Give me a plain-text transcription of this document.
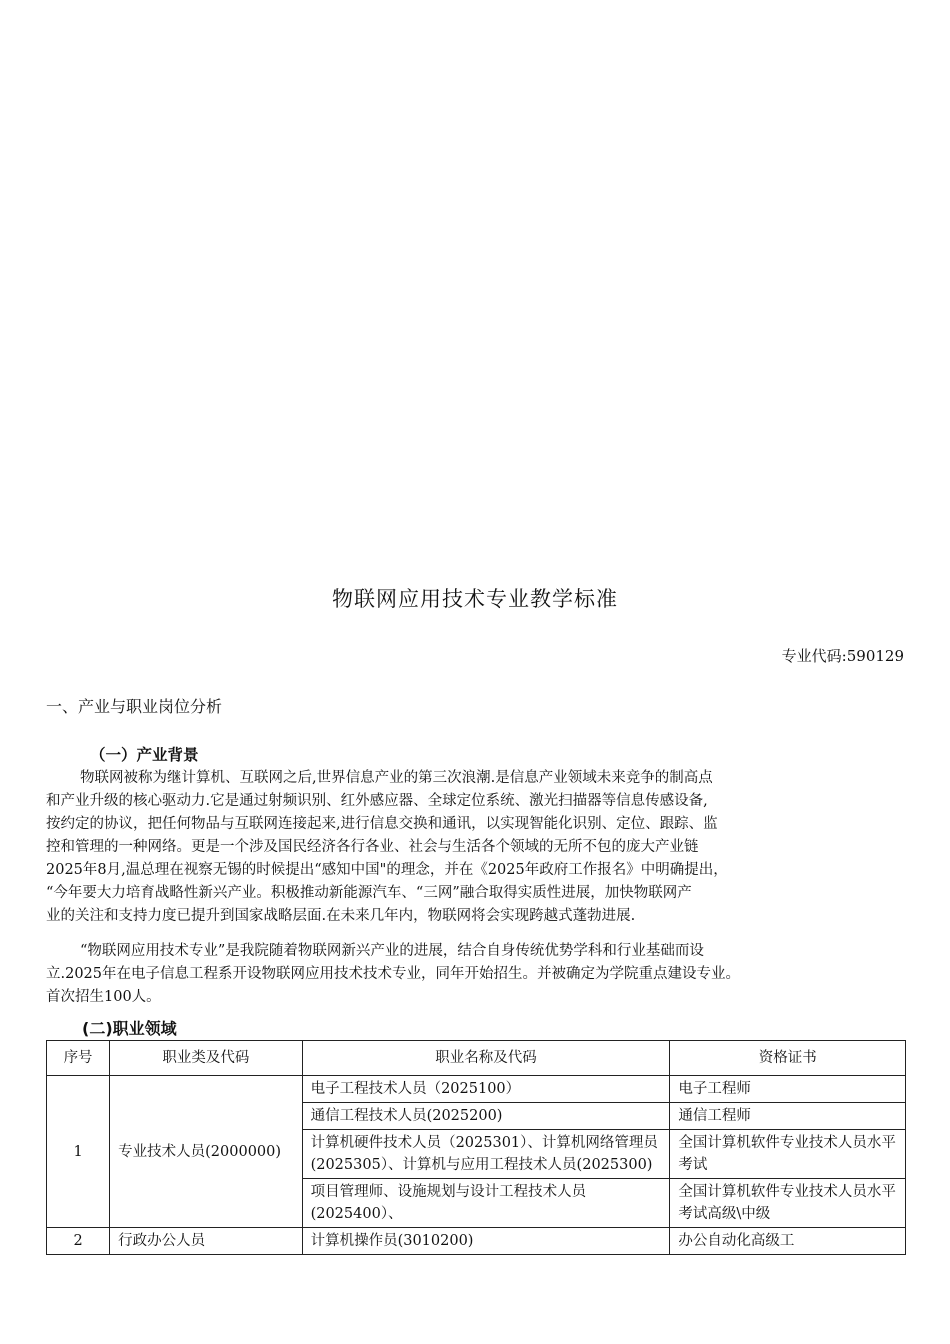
物联网应用技术专业教学标准
专业代码:590129
一、产业与职业岗位分析
（一）产业背景
物联网被称为继计算机、互联网之后,世界信息产业的第三次浪潮.是信息产业领域未来竞争的制高点
和产业升级的核心驱动力.它是通过射频识别、红外感应器、全球定位系统、激光扫描器等信息传感设备,
按约定的协议，把任何物品与互联网连接起来,进行信息交换和通讯，以实现智能化识别、定位、跟踪、监
控和管理的一种网络。更是一个涉及国民经济各行各业、社会与生活各个领域的无所不包的庞大产业链
2025年8月,温总理在视察无锡的时候提出“感知中国"的理念，并在《2025年政府工作报名》中明确提出，
“今年要大力培育战略性新兴产业。积极推动新能源汽车、“三网”融合取得实质性进展，加快物联网产
业的关注和支持力度已提升到国家战略层面.在未来几年内，物联网将会实现跨越式蓬勃进展.
“物联网应用技术专业”是我院随着物联网新兴产业的进展，结合自身传统优势学科和行业基础而设
立.2025年在电子信息工程系开设物联网应用技术技术专业，同年开始招生。并被确定为学院重点建设专业。
首次招生100人。
(二)职业领域
序号	职业类及代码	职业名称及代码	资格证书
1	专业技术人员(2000000)	电子工程技术人员（2025100）	电子工程师
		通信工程技术人员(2025200)	通信工程师
		计算机硬件技术人员（2025301）、计算机网络管理员(2025305）、计算机与应用工程技术人员(2025300)	全国计算机软件专业技术人员水平考试
		项目管理师、设施规划与设计工程技术人员(2025400）、	全国计算机软件专业技术人员水平考试高级\中级
2	行政办公人员	计算机操作员(3010200)	办公自动化高级工
